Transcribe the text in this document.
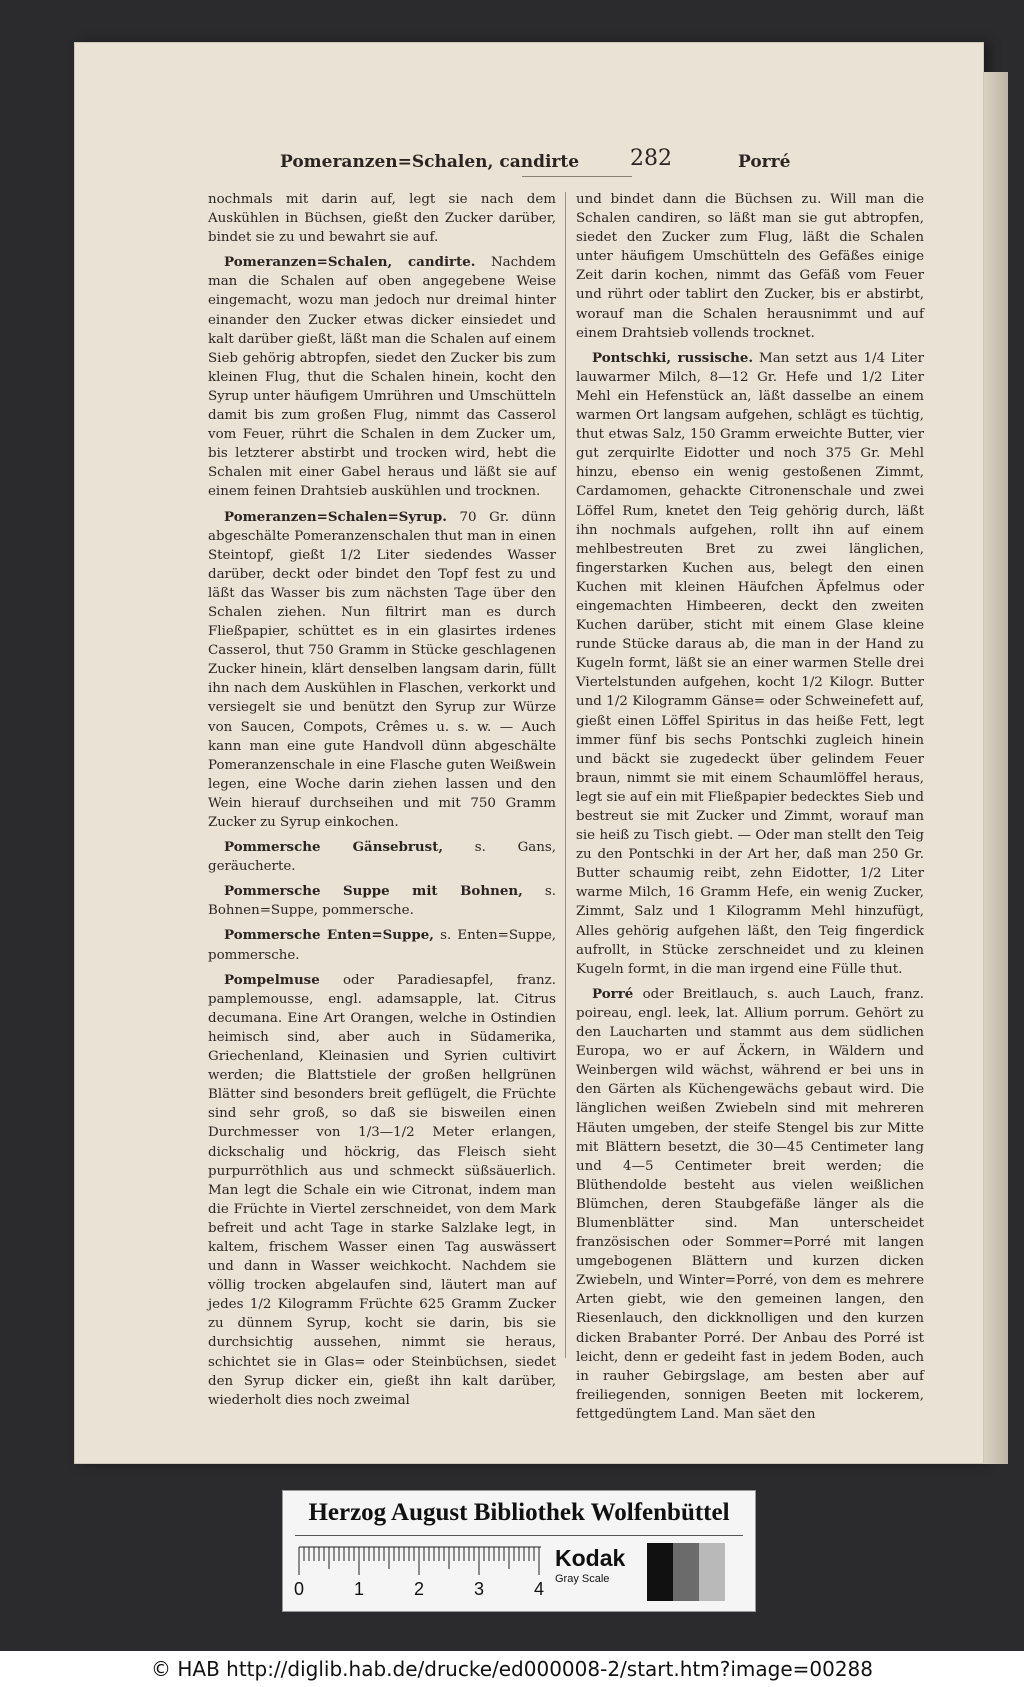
Pomeranzen=Schalen, candirte 282	Porré

nochmals mit darin auf, legt sie nach dem Auskühlen in Büchsen, gießt den Zucker darüber, bindet sie zu und bewahrt sie auf.

Pomeranzen=Schalen, candirte. Nachdem man die Schalen auf oben angegebene Weise eingemacht, wozu man jedoch nur dreimal hinter einander den Zucker etwas dicker einsiedet und kalt darüber gießt, läßt man die Schalen auf einem Sieb gehörig abtropfen, siedet den Zucker bis zum kleinen Flug, thut die Schalen hinein, kocht den Syrup unter häufigem Umrühren und Umschütteln damit bis zum großen Flug, nimmt das Casserol vom Feuer, rührt die Schalen in dem Zucker um, bis letzterer abstirbt und trocken wird, hebt die Schalen mit einer Gabel heraus und läßt sie auf einem feinen Drahtsieb auskühlen und trocknen.

Pomeranzen=Schalen=Syrup. 70 Gr. dünn abgeschälte Pomeranzenschalen thut man in einen Steintopf, gießt 1/2 Liter siedendes Wasser darüber, deckt oder bindet den Topf fest zu und läßt das Wasser bis zum nächsten Tage über den Schalen ziehen. Nun filtrirt man es durch Fließpapier, schüttet es in ein glasirtes irdenes Casserol, thut 750 Gramm in Stücke geschlagenen Zucker hinein, klärt denselben langsam darin, füllt ihn nach dem Auskühlen in Flaschen, verkorkt und versiegelt sie und benützt den Syrup zur Würze von Saucen, Compots, Crêmes u. s. w. — Auch kann man eine gute Handvoll dünn abgeschälte Pomeranzenschale in eine Flasche guten Weißwein legen, eine Woche darin ziehen lassen und den Wein hierauf durchseihen und mit 750 Gramm Zucker zu Syrup einkochen.

Pommersche Gänsebrust, s. Gans, geräucherte.

Pommersche Suppe mit Bohnen, s. Bohnen=Suppe, pommersche.

Pommersche Enten=Suppe, s. Enten=Suppe, pommersche.

Pompelmuse oder Paradiesapfel, franz. pamplemousse, engl. adamsapple, lat. Citrus decumana. Eine Art Orangen, welche in Ostindien heimisch sind, aber auch in Südamerika, Griechenland, Kleinasien und Syrien cultivirt werden; die Blattstiele der großen hellgrünen Blätter sind besonders breit geflügelt, die Früchte sind sehr groß, so daß sie bisweilen einen Durchmesser von 1/3—1/2 Meter erlangen, dickschalig und höckrig, das Fleisch sieht purpurröthlich aus und schmeckt süßsäuerlich. Man legt die Schale ein wie Citronat, indem man die Früchte in Viertel zerschneidet, von dem Mark befreit und acht Tage in starke Salzlake legt, in kaltem, frischem Wasser einen Tag auswässert und dann in Wasser weichkocht. Nachdem sie völlig trocken abgelaufen sind, läutert man auf jedes 1/2 Kilogramm Früchte 625 Gramm Zucker zu dünnem Syrup, kocht sie darin, bis sie durchsichtig aussehen, nimmt sie heraus, schichtet sie in Glas= oder Steinbüchsen, siedet den Syrup dicker ein, gießt ihn kalt darüber, wiederholt dies noch zweimal

und bindet dann die Büchsen zu. Will man die Schalen candiren, so läßt man sie gut abtropfen, siedet den Zucker zum Flug, läßt die Schalen unter häufigem Umschütteln des Gefäßes einige Zeit darin kochen, nimmt das Gefäß vom Feuer und rührt oder tablirt den Zucker, bis er abstirbt, worauf man die Schalen herausnimmt und auf einem Drahtsieb vollends trocknet.

Pontschki, russische. Man setzt aus 1/4 Liter lauwarmer Milch, 8—12 Gr. Hefe und 1/2 Liter Mehl ein Hefenstück an, läßt dasselbe an einem warmen Ort langsam aufgehen, schlägt es tüchtig, thut etwas Salz, 150 Gramm erweichte Butter, vier gut zerquirlte Eidotter und noch 375 Gr. Mehl hinzu, ebenso ein wenig gestoßenen Zimmt, Cardamomen, gehackte Citronenschale und zwei Löffel Rum, knetet den Teig gehörig durch, läßt ihn nochmals aufgehen, rollt ihn auf einem mehlbestreuten Bret zu zwei länglichen, fingerstarken Kuchen aus, belegt den einen Kuchen mit kleinen Häufchen Äpfelmus oder eingemachten Himbeeren, deckt den zweiten Kuchen darüber, sticht mit einem Glase kleine runde Stücke daraus ab, die man in der Hand zu Kugeln formt, läßt sie an einer warmen Stelle drei Viertelstunden aufgehen, kocht 1/2 Kilogr. Butter und 1/2 Kilogramm Gänse= oder Schweinefett auf, gießt einen Löffel Spiritus in das heiße Fett, legt immer fünf bis sechs Pontschki zugleich hinein und bäckt sie zugedeckt über gelindem Feuer braun, nimmt sie mit einem Schaumlöffel heraus, legt sie auf ein mit Fließpapier bedecktes Sieb und bestreut sie mit Zucker und Zimmt, worauf man sie heiß zu Tisch giebt. — Oder man stellt den Teig zu den Pontschki in der Art her, daß man 250 Gr. Butter schaumig reibt, zehn Eidotter, 1/2 Liter warme Milch, 16 Gramm Hefe, ein wenig Zucker, Zimmt, Salz und 1 Kilogramm Mehl hinzufügt, Alles gehörig aufgehen läßt, den Teig fingerdick aufrollt, in Stücke zerschneidet und zu kleinen Kugeln formt, in die man irgend eine Fülle thut.

Porré oder Breitlauch, s. auch Lauch, franz. poireau, engl. leek, lat. Allium porrum. Gehört zu den Laucharten und stammt aus dem südlichen Europa, wo er auf Äckern, in Wäldern und Weinbergen wild wächst, während er bei uns in den Gärten als Küchengewächs gebaut wird. Die länglichen weißen Zwiebeln sind mit mehreren Häuten umgeben, der steife Stengel bis zur Mitte mit Blättern besetzt, die 30—45 Centimeter lang und 4—5 Centimeter breit werden; die Blüthendolde besteht aus vielen weißlichen Blümchen, deren Staubgefäße länger als die Blumenblätter sind. Man unterscheidet französischen oder Sommer=Porré mit langen umgebogenen Blättern und kurzen dicken Zwiebeln, und Winter=Porré, von dem es mehrere Arten giebt, wie den gemeinen langen, den Riesenlauch, den dickknolligen und den kurzen dicken Brabanter Porré. Der Anbau des Porré ist leicht, denn er gedeiht fast in jedem Boden, auch in rauher Gebirgslage, am besten aber auf freiliegenden, sonnigen Beeten mit lockerem, fettgedüngtem Land. Man säet den

Herzog August Bibliothek Wolfenbüttel
0	1	2	3	4
Kodak
Gray Scale
© HAB http://diglib.hab.de/drucke/ed000008-2/start.htm?image=00288
